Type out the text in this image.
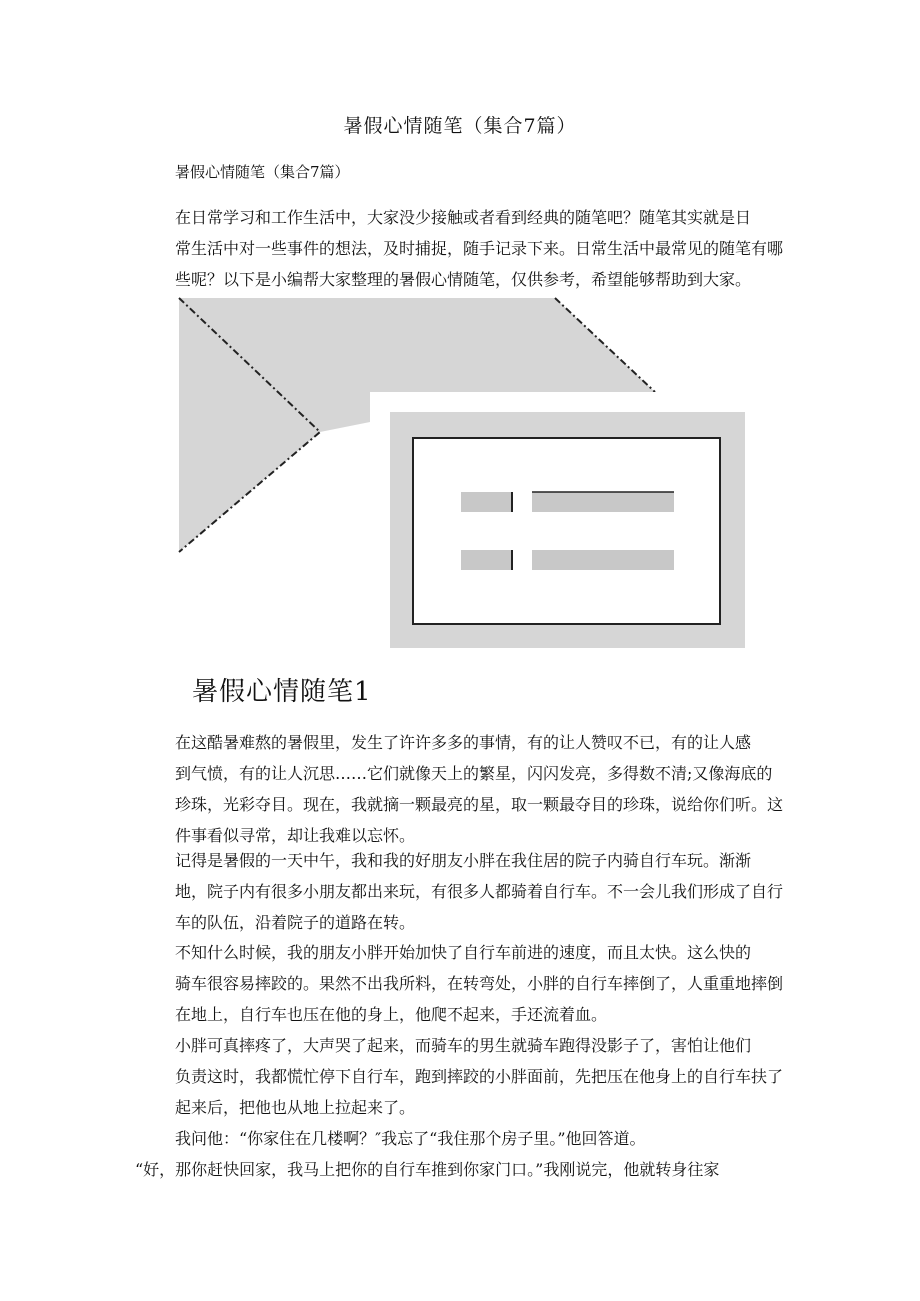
暑假心情随笔（集合7篇）
暑假心情随笔（集合7篇）
在日常学习和工作生活中，大家没少接触或者看到经典的随笔吧？随笔其实就是日
常生活中对一些事件的想法，及时捕捉，随手记录下来。日常生活中最常见的随笔有哪
些呢？以下是小编帮大家整理的暑假心情随笔，仅供参考，希望能够帮助到大家。
暑假心情随笔1
在这酷暑难熬的暑假里，发生了许许多多的事情，有的让人赞叹不已，有的让人感
到气愤，有的让人沉思……它们就像天上的繁星，闪闪发亮，多得数不清;又像海底的
珍珠，光彩夺目。现在，我就摘一颗最亮的星，取一颗最夺目的珍珠，说给你们听。这
件事看似寻常，却让我难以忘怀。
记得是暑假的一天中午，我和我的好朋友小胖在我住居的院子内骑自行车玩。渐渐
地，院子内有很多小朋友都出来玩，有很多人都骑着自行车。不一会儿我们形成了自行
车的队伍，沿着院子的道路在转。
不知什么时候，我的朋友小胖开始加快了自行车前进的速度，而且太快。这么快的
骑车很容易摔跤的。果然不出我所料，在转弯处，小胖的自行车摔倒了，人重重地摔倒
在地上，自行车也压在他的身上，他爬不起来，手还流着血。
小胖可真摔疼了，大声哭了起来，而骑车的男生就骑车跑得没影子了，害怕让他们
负责这时，我都慌忙停下自行车，跑到摔跤的小胖面前，先把压在他身上的自行车扶了
起来后，把他也从地上拉起来了。
我问他：“你家住在几楼啊？″我忘了“我住那个房子里。”他回答道。
“好，那你赶快回家，我马上把你的自行车推到你家门口。”我刚说完，他就转身往家
